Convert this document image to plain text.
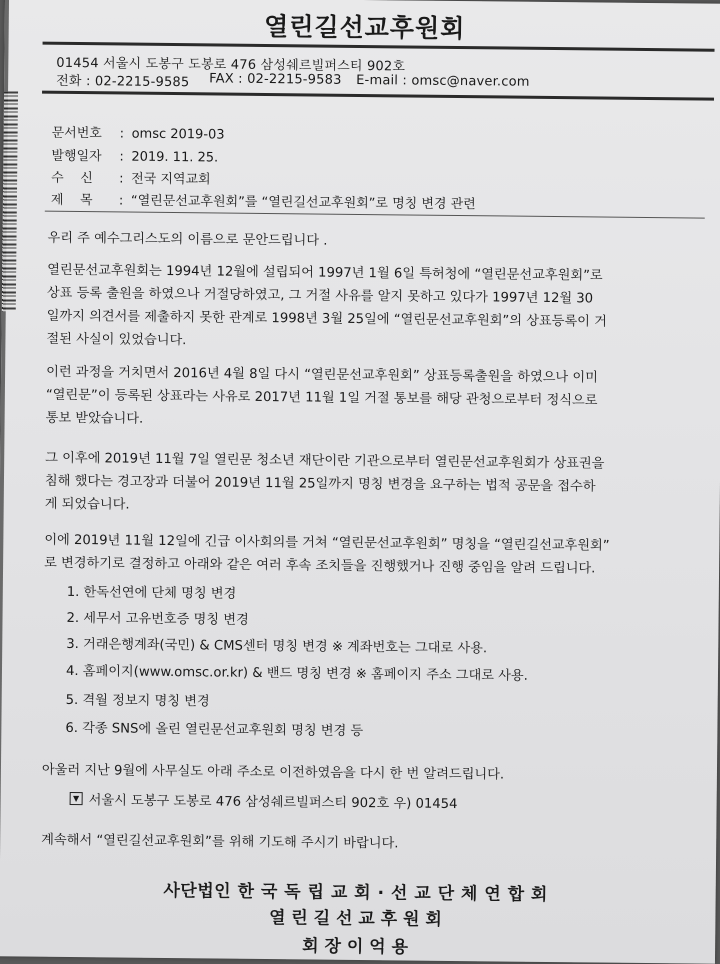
열린길선교후원회
01454 서울시 도봉구 도봉로 476 삼성쉐르빌퍼스티 902호
전화 : 02-2215-9585 FAX : 02-2215-9583 E-mail : omsc@naver.com
문서번호 : omsc 2019-03
발행일자 : 2019. 11. 25.
수    신 : 전국 지역교회
제    목 : “열린문선교후원회”를 “열린길선교후원회”로 명칭 변경 관련
우리 주 예수그리스도의 이름으로 문안드립니다 .
열린문선교후원회는 1994년 12월에 설립되어 1997년 1월 6일 특허청에 “열린문선교후원회”로
상표 등록 출원을 하였으나 거절당하였고, 그 거절 사유를 알지 못하고 있다가 1997년 12월 30
일까지 의견서를 제출하지 못한 관계로 1998년 3월 25일에 “열린문선교후원회”의 상표등록이 거
절된 사실이 있었습니다.
이런 과정을 거치면서 2016년 4월 8일 다시 “열린문선교후원회” 상표등록출원을 하였으나 이미
“열린문”이 등록된 상표라는 사유로 2017년 11월 1일 거절 통보를 해당 관청으로부터 정식으로
통보 받았습니다.
그 이후에 2019년 11월 7일 열린문 청소년 재단이란 기관으로부터 열린문선교후원회가 상표권을
침해 했다는 경고장과 더불어 2019년 11월 25일까지 명칭 변경을 요구하는 법적 공문을 접수하
게 되었습니다.
이에 2019년 11월 12일에 긴급 이사회의를 거쳐 “열린문선교후원회” 명칭을 “열린길선교후원회”
로 변경하기로 결정하고 아래와 같은 여러 후속 조치들을 진행했거나 진행 중임을 알려 드립니다.
1. 한독선연에 단체 명칭 변경
2. 세무서 고유번호증 명칭 변경
3. 거래은행계좌(국민) & CMS센터 명칭 변경 ※ 계좌번호는 그대로 사용.
4. 홈페이지(www.omsc.or.kr) & 밴드 명칭 변경 ※ 홈페이지 주소 그대로 사용.
5. 격월 정보지 명칭 변경
6. 각종 SNS에 올린 열린문선교후원회 명칭 변경 등
아울러 지난 9월에 사무실도 아래 주소로 이전하였음을 다시 한 번 알려드립니다.
▼ 서울시 도봉구 도봉로 476 삼성쉐르빌퍼스티 902호 우) 01454
계속해서 “열린길선교후원회”를 위해 기도해 주시기 바랍니다.
사단법인 한 국 독 립 교 회 · 선 교 단 체 연 합 회
열 린 길 선 교 후 원 회
회 장 이 억 용
